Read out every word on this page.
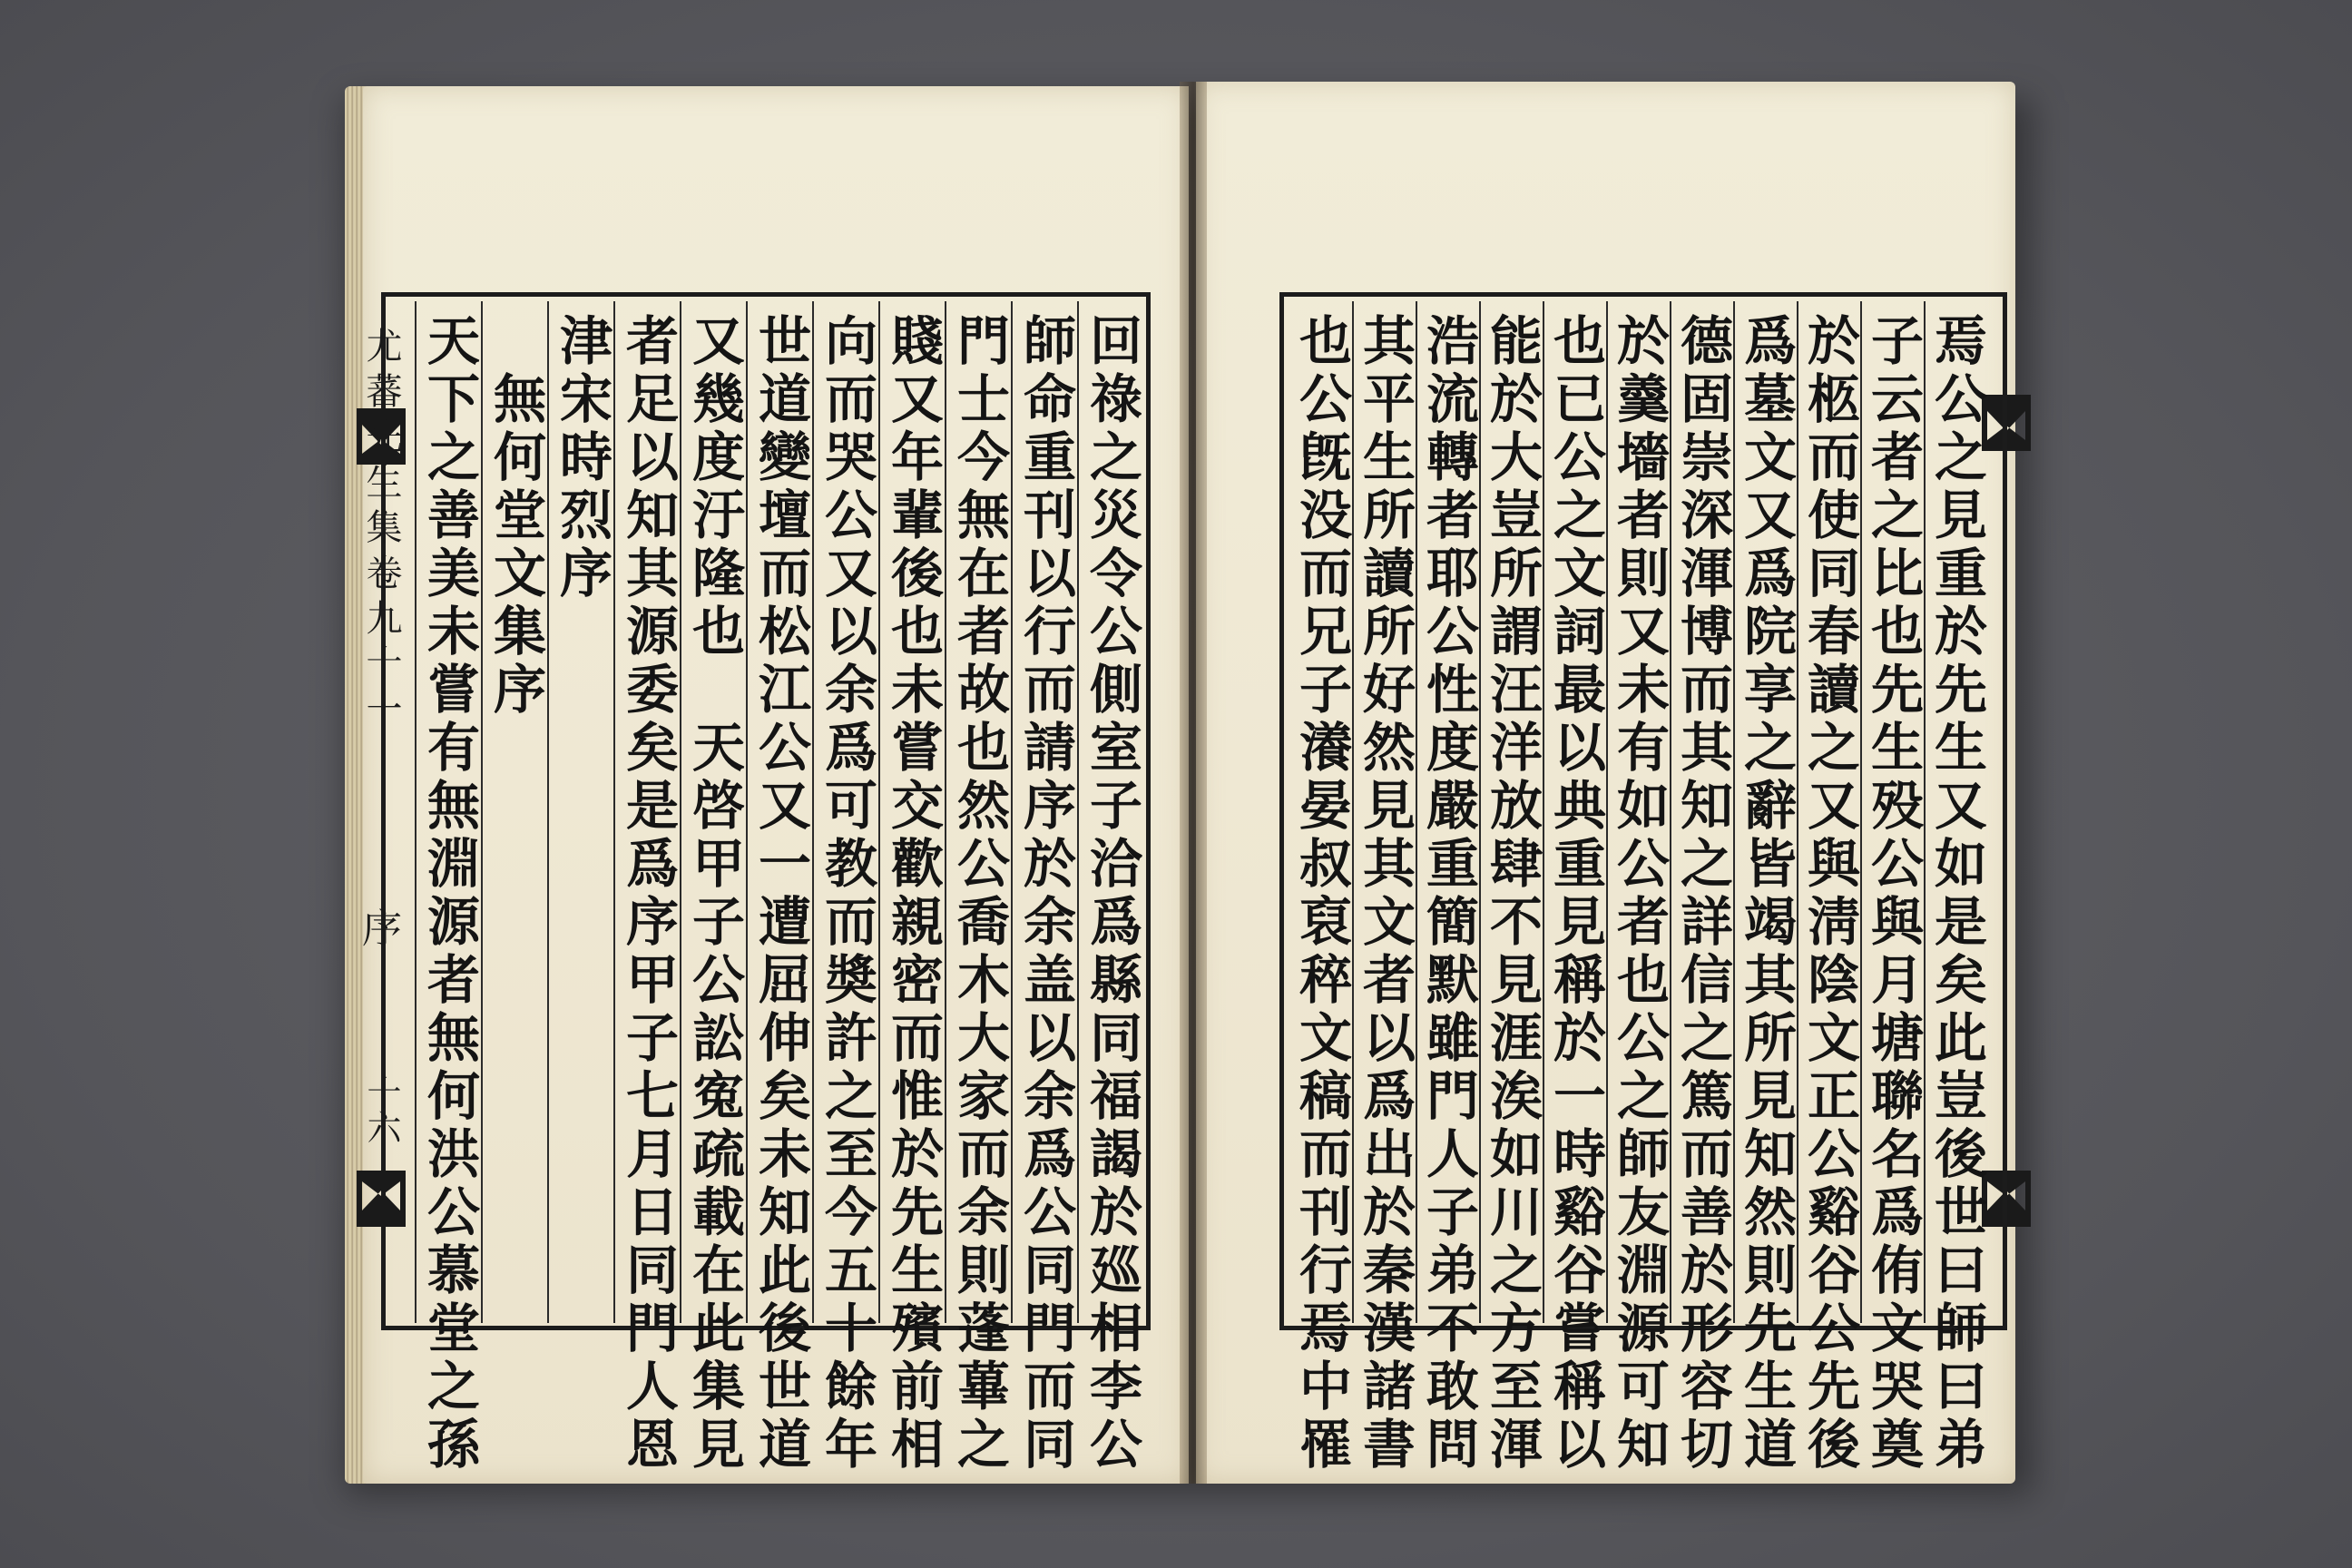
尤蕃先生集卷九十一
序
十六	回祿之災令公側室子洽爲縣同福謁於廵相李公
師命重刊以行而請序於余盖以余爲公同門而同
門士今無在者故也然公喬木大家而余則蓬蓽之
賤又年輩後也未嘗交歡親密而惟於先生殯前相
向而哭公又以余爲可教而奬許之至今五十餘年
世道變壇而松江公又一遭屈伸矣未知此後世道
又幾度汙隆也　天啓甲子公訟寃疏載在此集見
者足以知其源委矣是爲序甲子七月日同門人恩
津宋時烈序
　無何堂文集序
天下之善美未嘗有無淵源者無何洪公慕堂之孫	焉公之見重於先生又如是矣此豈後世曰師曰弟
子云者之比也先生殁公與月塘聯名爲侑文哭奠
於柩而使同春讀之又與淸陰文正公谿谷公先後
爲墓文又爲院享之辭皆竭其所見知然則先生道
德固崇深渾博而其知之詳信之篤而善於形容切
於羹墻者則又未有如公者也公之師友淵源可知
也已公之文詞最以典重見稱於一時谿谷嘗稱以
能於大豈所謂汪洋放肆不見涯涘如川之方至渾
浩流轉者耶公性度嚴重簡默雖門人子弟不敢問
其平生所讀所好然見其文者以爲出於秦漢諸書
也公旣没而兄子瀁晏叔裒稡文稿而刊行焉中罹
